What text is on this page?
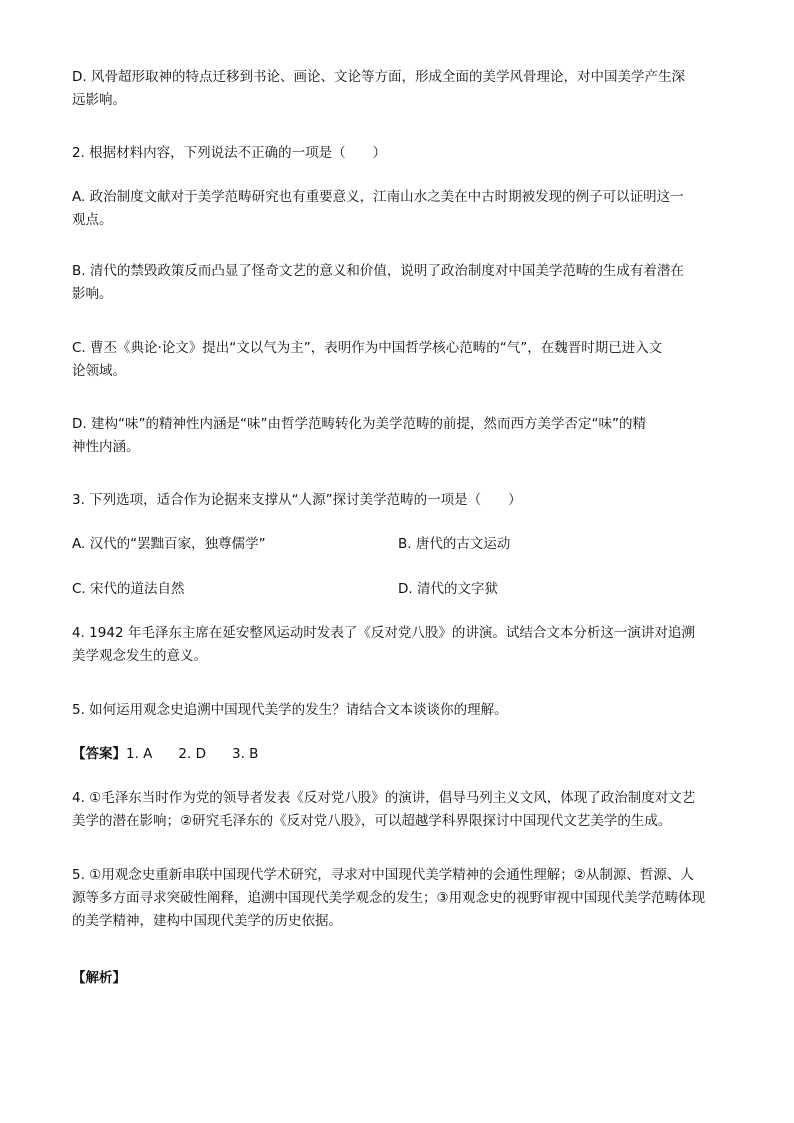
D. 风骨超形取神的特点迁移到书论、画论、文论等方面，形成全面的美学风骨理论，对中国美学产生深
远影响。

2. 根据材料内容，下列说法不正确的一项是（　　）

A. 政治制度文献对于美学范畴研究也有重要意义，江南山水之美在中古时期被发现的例子可以证明这一
观点。

B. 清代的禁毁政策反而凸显了怪奇文艺的意义和价值，说明了政治制度对中国美学范畴的生成有着潜在
影响。

C. 曹丕《典论·论文》提出“文以气为主”，表明作为中国哲学核心范畴的“气”，在魏晋时期已进入文
论领域。

D. 建构“味”的精神性内涵是“味”由哲学范畴转化为美学范畴的前提，然而西方美学否定“味”的精
神性内涵。

3. 下列选项，适合作为论据来支撑从“人源”探讨美学范畴的一项是（　　）

A. 汉代的“罢黜百家，独尊儒学”	B. 唐代的古文运动
C. 宋代的道法自然	D. 清代的文字狱

4. 1942 年毛泽东主席在延安整风运动时发表了《反对党八股》的讲演。试结合文本分析这一演讲对追溯
美学观念发生的意义。

5. 如何运用观念史追溯中国现代美学的发生？请结合文本谈谈你的理解。

【答案】1. A 2. D 3. B

4. ①毛泽东当时作为党的领导者发表《反对党八股》的演讲，倡导马列主义文风，体现了政治制度对文艺
美学的潜在影响；②研究毛泽东的《反对党八股》，可以超越学科界限探讨中国现代文艺美学的生成。

5. ①用观念史重新串联中国现代学术研究，寻求对中国现代美学精神的会通性理解；②从制源、哲源、人
源等多方面寻求突破性阐释，追溯中国现代美学观念的发生；③用观念史的视野审视中国现代美学范畴体现
的美学精神，建构中国现代美学的历史依据。

【解析】
